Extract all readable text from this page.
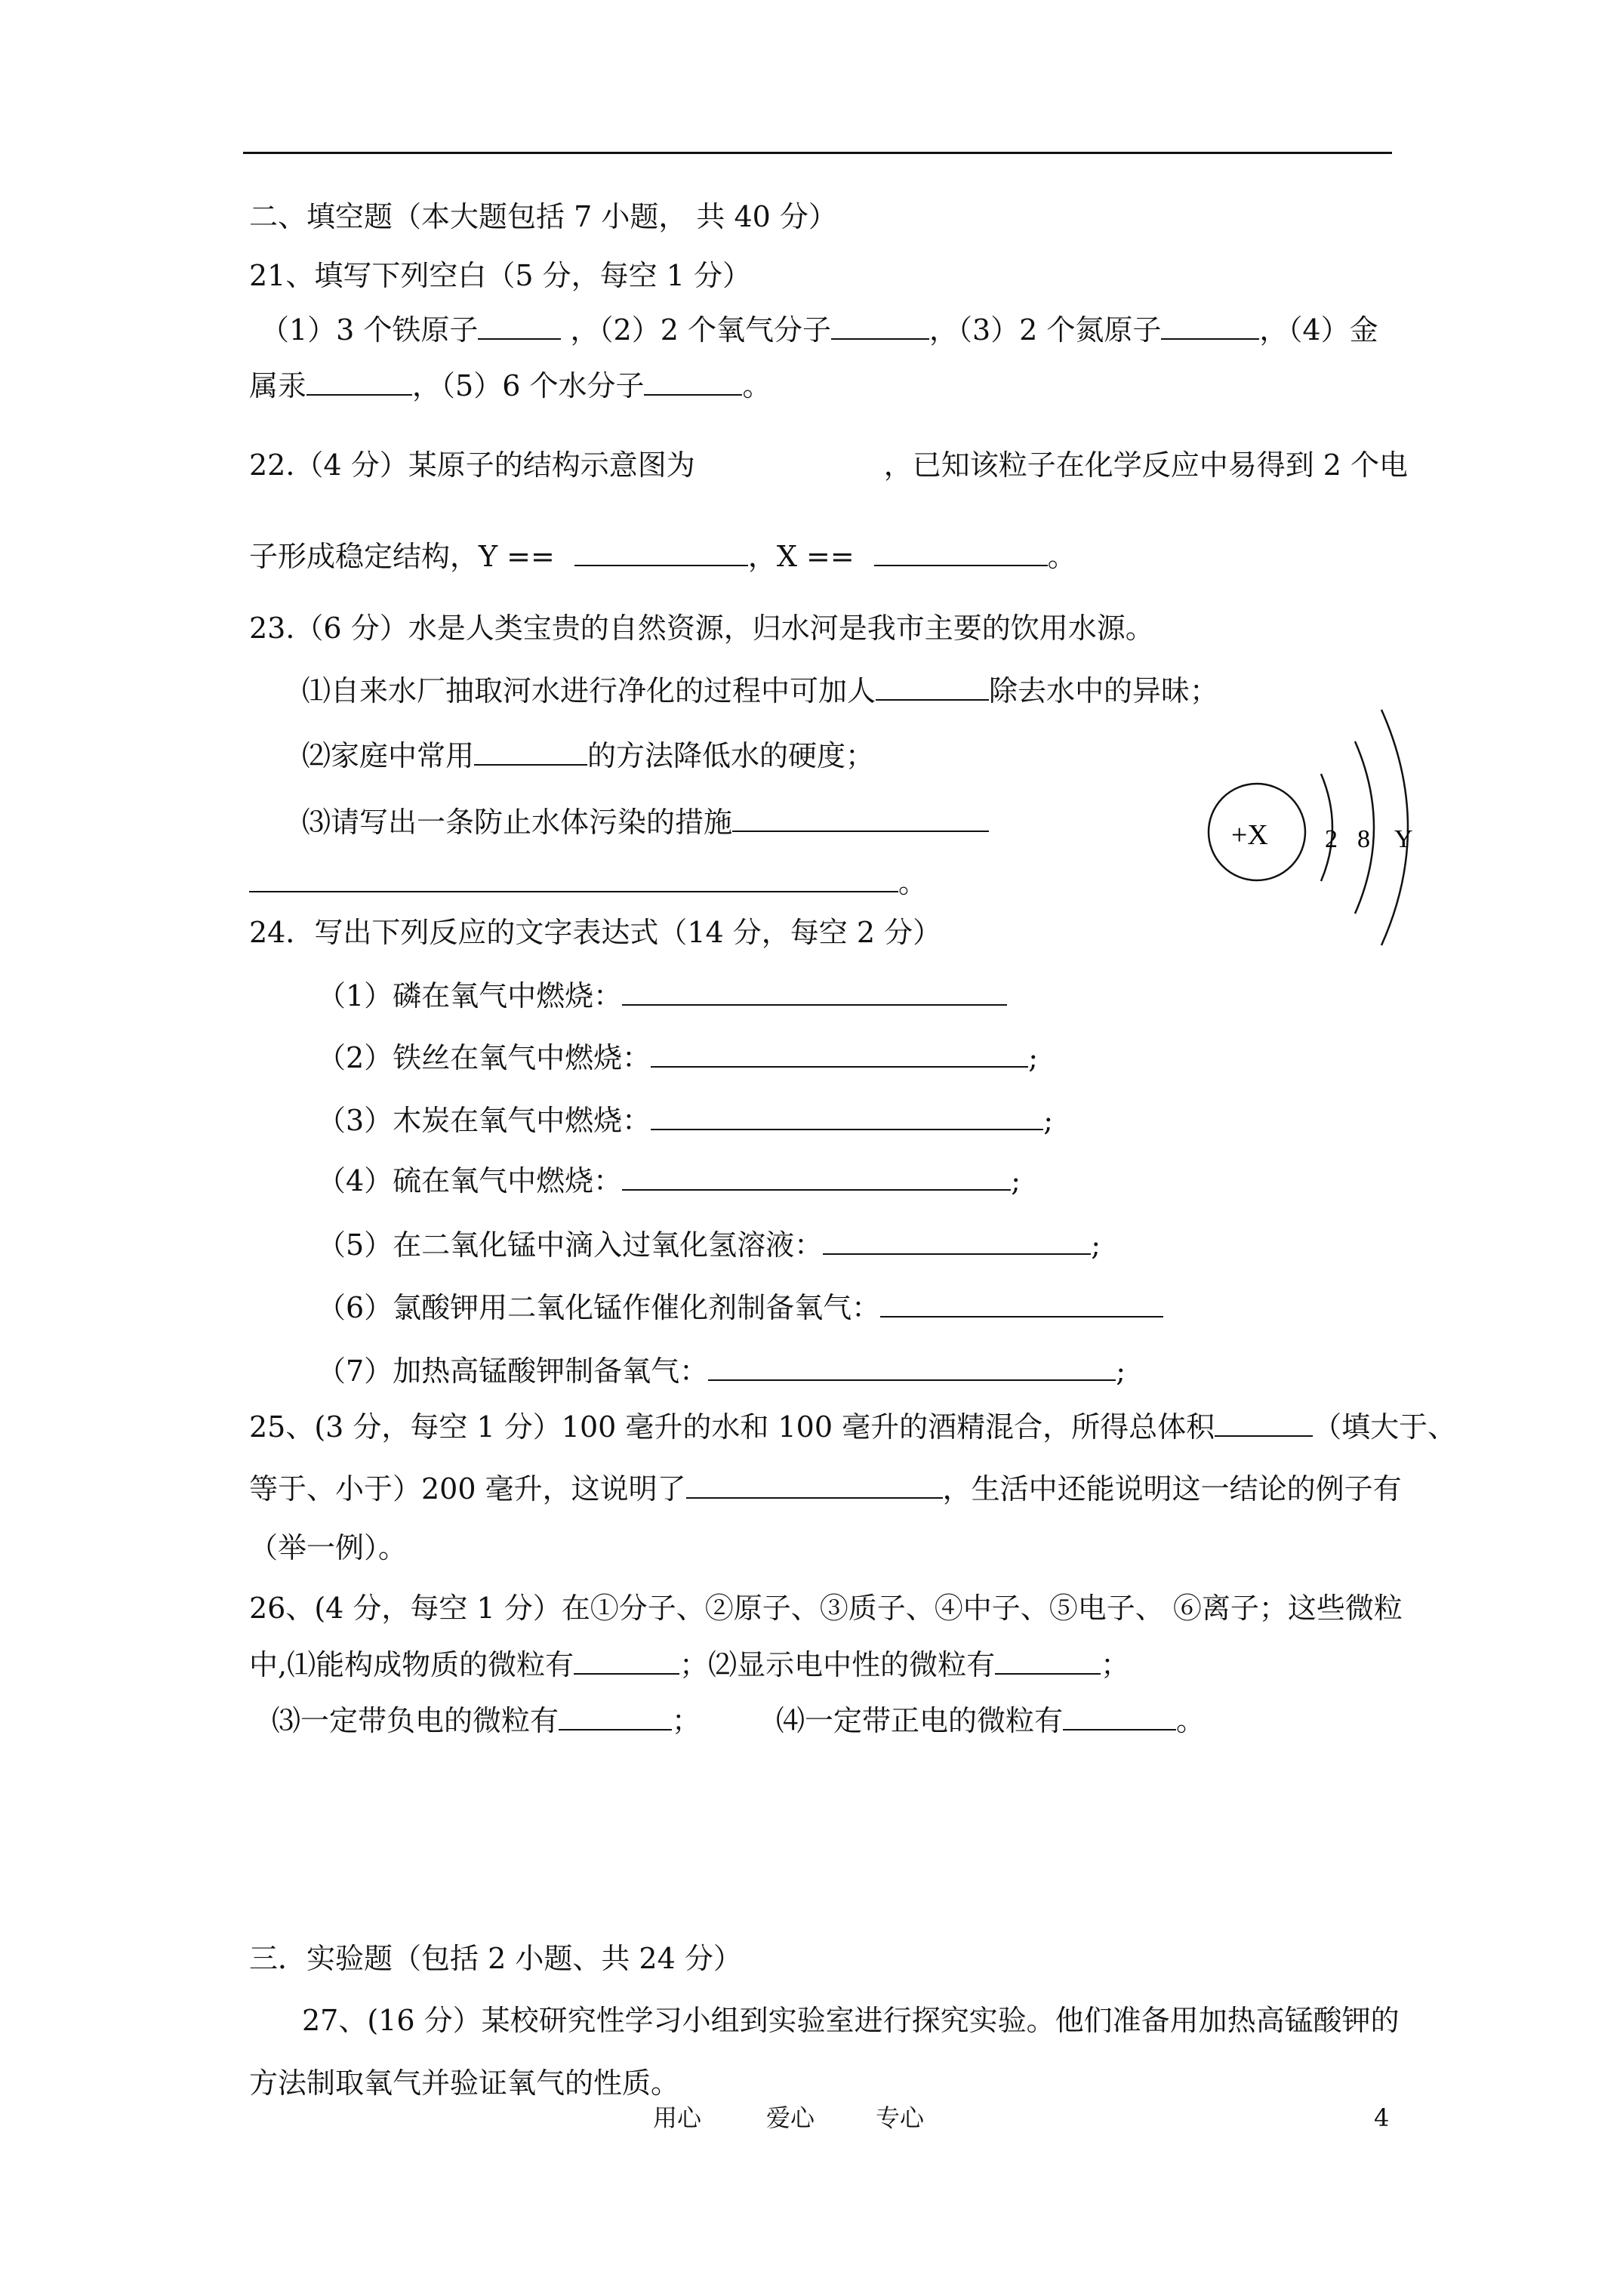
二、填空题（本大题包括 7 小题， 共 40 分）
21、填写下列空白（5 分，每空 1 分）
（1）3 个铁原子	，（2）2 个氧气分子	，（3）2 个氮原子	，（4）金
属汞	，（5）6 个水分子	。
22.（4 分）某原子的结构示意图为	，已知该粒子在化学反应中易得到 2 个电
子形成稳定结构，Y ==	，X ==	。
23.（6 分）水是人类宝贵的自然资源，归水河是我市主要的饮用水源。
⑴自来水厂抽取河水进行净化的过程中可加人	除去水中的异昧；
⑵家庭中常用	的方法降低水的硬度；
⑶请写出一条防止水体污染的措施
。
+X 2 8 Y
24．写出下列反应的文字表达式（14 分，每空 2 分）
（1）磷在氧气中燃烧：
（2）铁丝在氧气中燃烧：	;
（3）木炭在氧气中燃烧：	;
（4）硫在氧气中燃烧：	;
（5）在二氧化锰中滴入过氧化氢溶液：	;
（6）氯酸钾用二氧化锰作催化剂制备氧气：
（7）加热高锰酸钾制备氧气：	;
25、(3 分，每空 1 分）100 毫升的水和 100 毫升的酒精混合，所得总体积	（填大于、
等于、小于）200 毫升，这说明了	，生活中还能说明这一结论的例子有
（举一例）。
26、(4 分，每空 1 分）在①分子、②原子、③质子、④中子、⑤电子、 ⑥离子；这些微粒
中,⑴能构成物质的微粒有	；⑵显示电中性的微粒有	；
⑶一定带负电的微粒有	；	⑷一定带正电的微粒有	。
三．实验题（包括 2 小题、共 24 分）
27、(16 分）某校研究性学习小组到实验室进行探究实验。他们准备用加热高锰酸钾的
方法制取氧气并验证氧气的性质。
用心	爱心	专心	4
